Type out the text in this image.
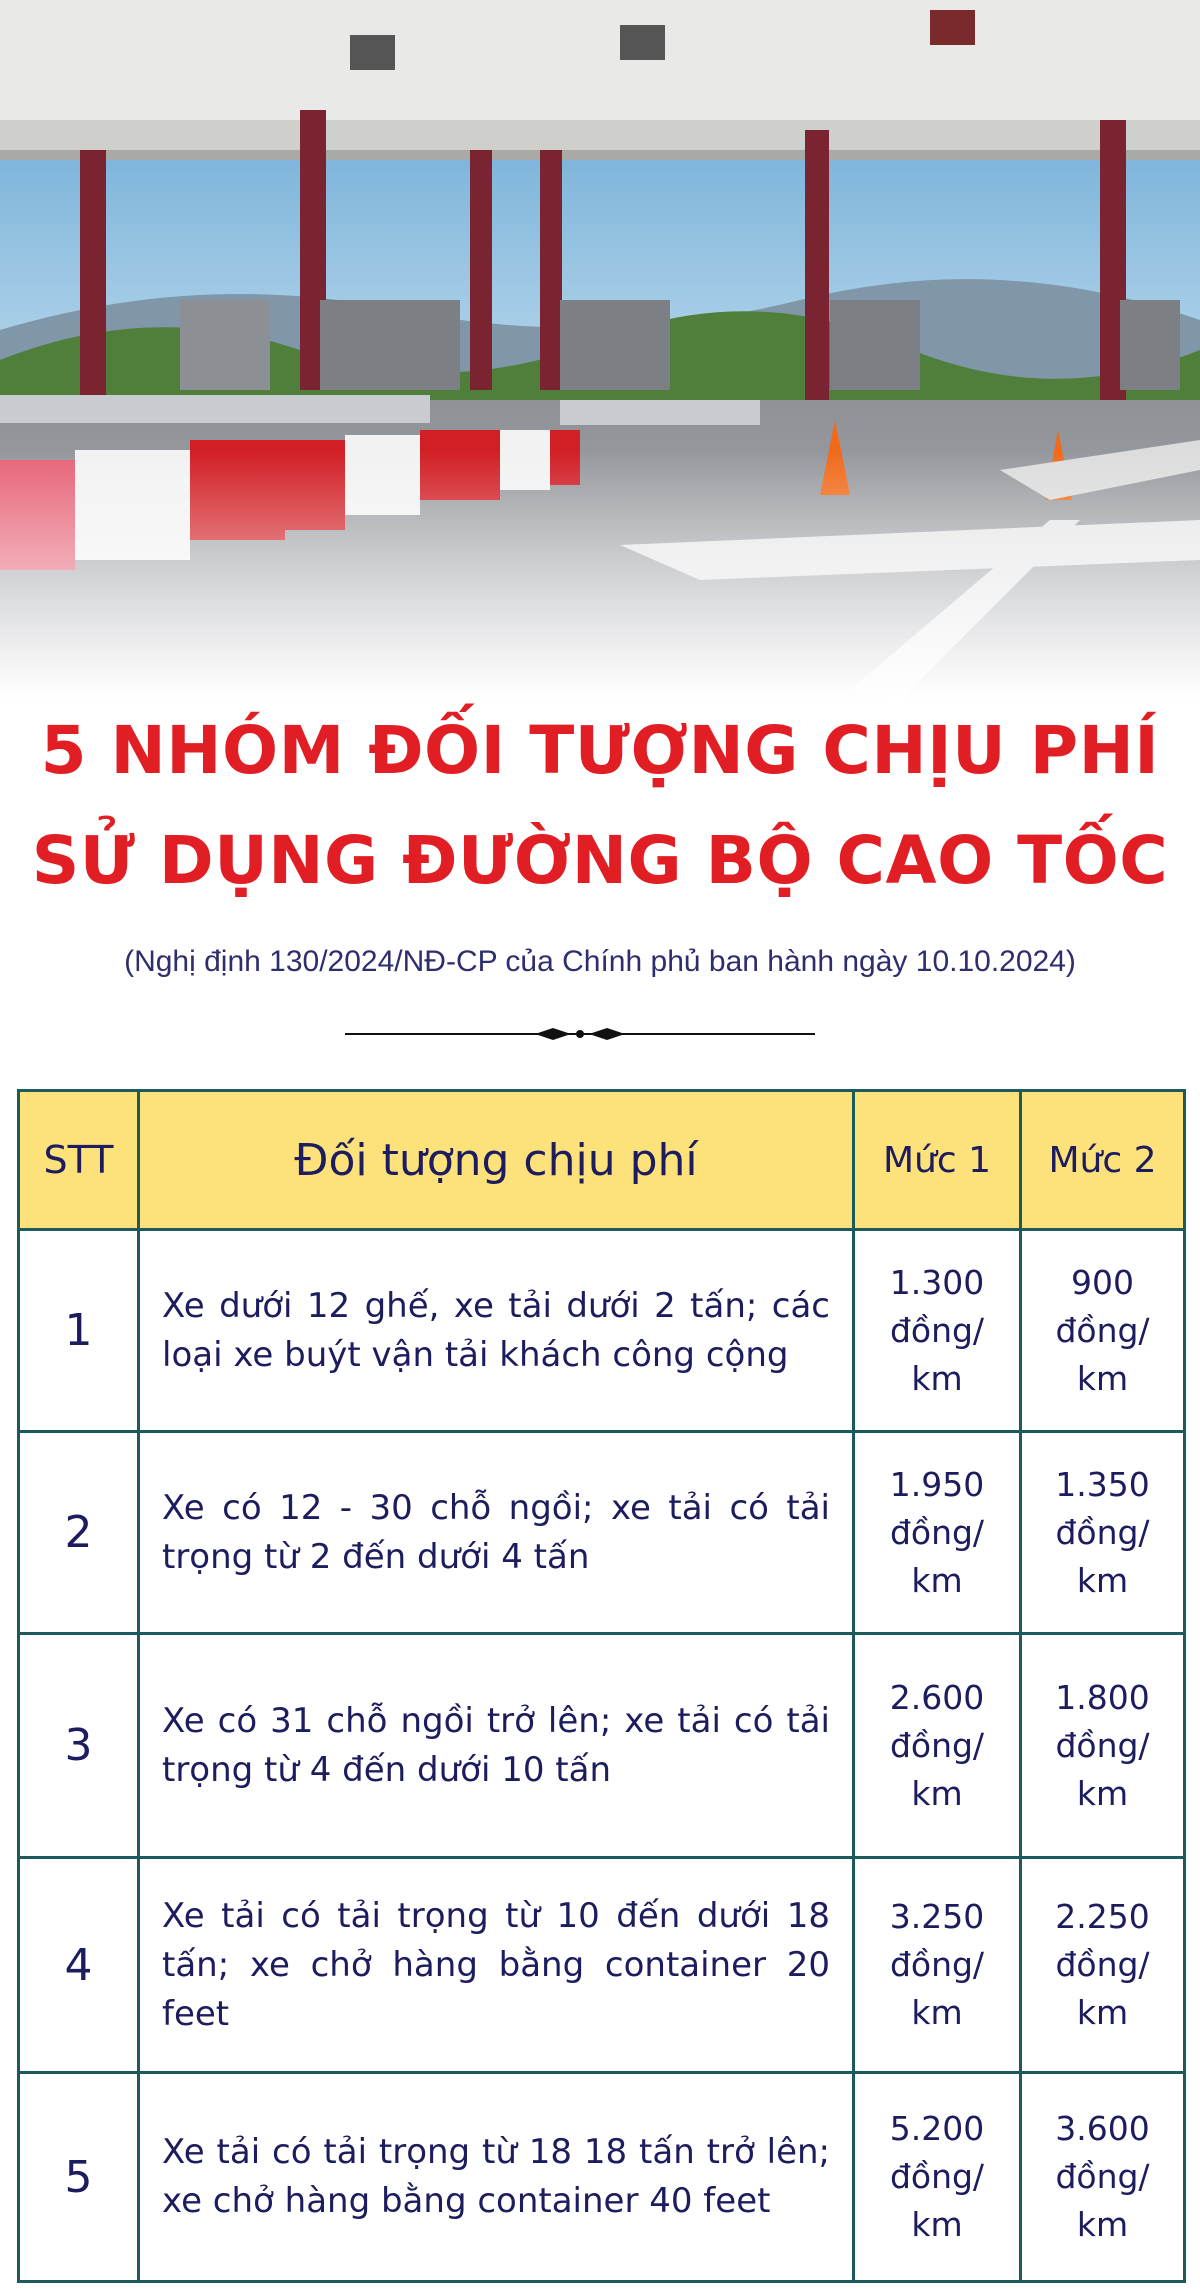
5 NHÓM ĐỐI TƯỢNG CHỊU PHÍ
SỬ DỤNG ĐƯỜNG BỘ CAO TỐC
(Nghị định 130/2024/NĐ-CP của Chính phủ ban hành ngày 10.10.2024)
STT	Đối tượng chịu phí	Mức 1	Mức 2
1	Xe dưới 12 ghế, xe tải dưới 2 tấn; các loại xe buýt vận tải khách công cộng	1.300
đồng/
km	900
đồng/
km

2	Xe có 12 - 30 chỗ ngồi; xe tải có tải trọng từ 2 đến dưới 4 tấn	1.950
đồng/
km	1.350
đồng/
km

3	Xe có 31 chỗ ngồi trở lên; xe tải có tải trọng từ 4 đến dưới 10 tấn	2.600
đồng/
km	1.800
đồng/
km

4	Xe tải có tải trọng từ 10 đến dưới 18 tấn; xe chở hàng bằng container 20 feet	3.250
đồng/
km	2.250
đồng/
km

5	Xe tải có tải trọng từ 18 18 tấn trở lên; xe chở hàng bằng container 40 feet	5.200
đồng/
km	3.600
đồng/
km
